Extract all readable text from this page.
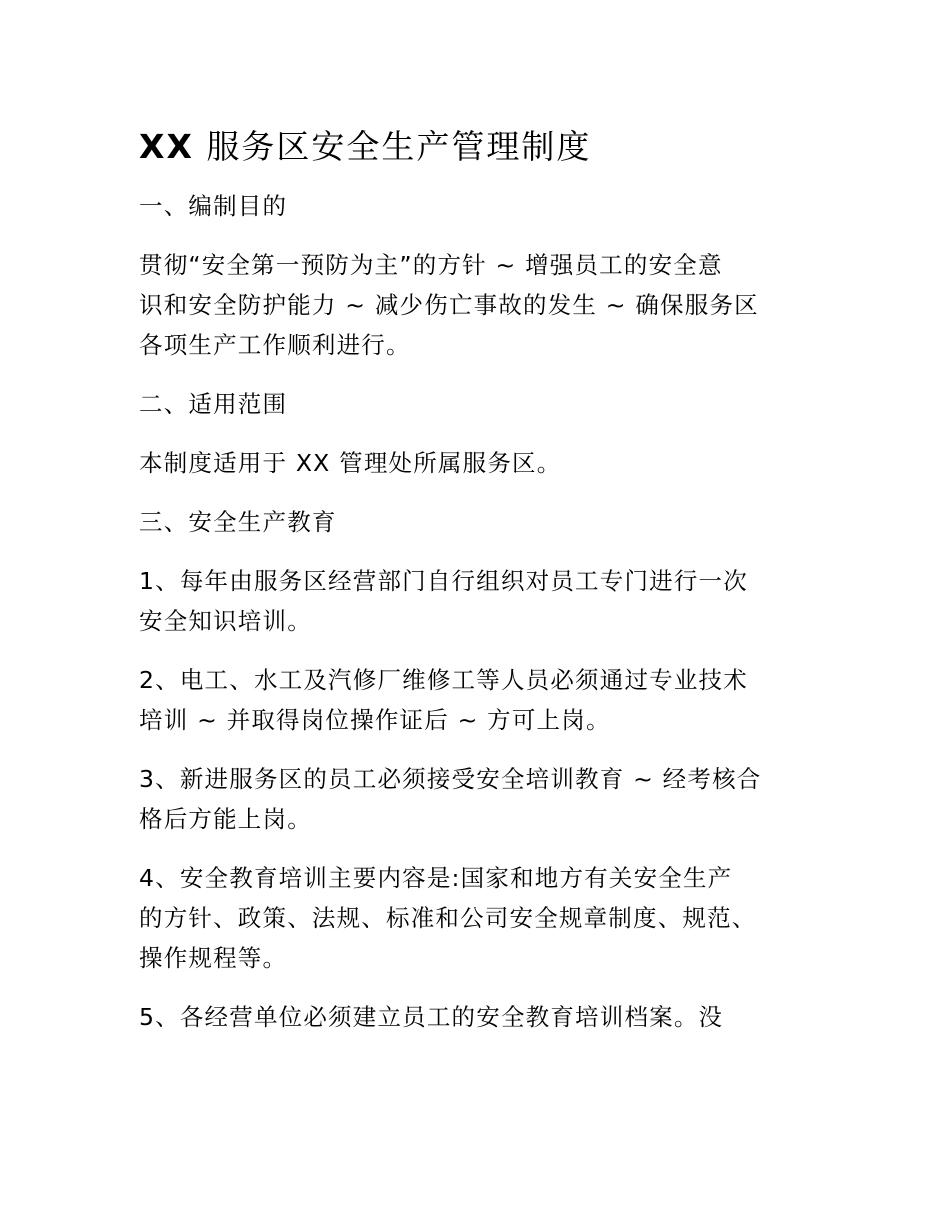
XX 服务区安全生产管理制度
一、编制目的
贯彻“安全第一预防为主”的方针 ~ 增强员工的安全意
识和安全防护能力 ~ 减少伤亡事故的发生 ~ 确保服务区
各项生产工作顺利进行。
二、适用范围
本制度适用于 XX 管理处所属服务区。
三、安全生产教育
1、每年由服务区经营部门自行组织对员工专门进行一次
安全知识培训。
2、电工、水工及汽修厂维修工等人员必须通过专业技术
培训 ~ 并取得岗位操作证后 ~ 方可上岗。
3、新进服务区的员工必须接受安全培训教育 ~ 经考核合
格后方能上岗。
4、安全教育培训主要内容是:国家和地方有关安全生产
的方针、政策、法规、标准和公司安全规章制度、规范、
操作规程等。
5、各经营单位必须建立员工的安全教育培训档案。没
